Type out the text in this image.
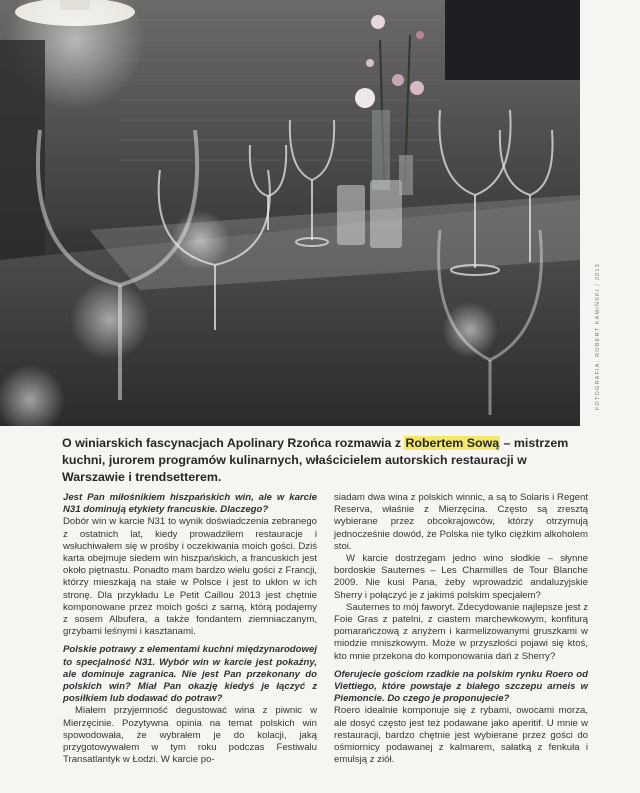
FOTOGRAFIA: ROBERT KAMIŃSKI / 2013
O winiarskich fascynacjach Apolinary Rzońca rozmawia z Robertem Sową – mistrzem kuchni, jurorem programów kulinarnych, właścicielem autorskich restauracji w Warszawie i trendsetterem.

Jest Pan miłośnikiem hiszpańskich win, ale w karcie N31 dominują etykiety francuskie. Dlaczego?

Dobór win w karcie N31 to wynik doświadczenia zebranego z ostatnich lat, kiedy prowadziłem restauracje i wsłuchiwałem się w prośby i oczekiwania moich gości. Dziś karta obejmuje siedem win hiszpańskich, a francuskich jest około piętnastu. Ponadto mam bardzo wielu gości z Francji, którzy mieszkają na stałe w Polsce i jest to ukłon w ich stronę. Dla przykładu Le Petit Caillou 2013 jest chętnie komponowane przez moich gości z sarną, którą podajemy z sosem Albufera, a także fondantem ziemniaczanym, grzybami leśnymi i kasztanami.

Polskie potrawy z elementami kuchni międzynarodowej to specjalność N31. Wybór win w karcie jest pokaźny, ale dominuje zagranica. Nie jest Pan przekonany do polskich win? Miał Pan okazję kiedyś je łączyć z posiłkiem lub dodawać do potraw?

Miałem przyjemność degustować wina z piwnic w Mierzęcinie. Pozytywna opinia na temat polskich win spowodowała, że wybrałem je do kolacji, jaką przygotowywałem w tym roku podczas Festiwalu Transatlantyk w Łodzi. W karcie po-

siadam dwa wina z polskich winnic, a są to Solaris i Regent Reserva, właśnie z Mierzęcina. Często są zresztą wybierane przez obcokrajowców, którzy otrzymują jednocześnie dowód, że Polska nie tylko ciężkim alkoholem stoi.

W karcie dostrzegam jedno wino słodkie – słynne bordoskie Sauternes – Les Charmilles de Tour Blanche 2009. Nie kusi Pana, żeby wprowadzić andaluzyjskie Sherry i połączyć je z jakimś polskim specjałem?

Sauternes to mój faworyt. Zdecydowanie najlepsze jest z Foie Gras z patelni, z ciastem marchewkowym, konfiturą pomarańczową z anyżem i karmelizowanymi gruszkami w miodzie mniszkowym. Może w przyszłości pojawi się ktoś, kto mnie przekona do komponowania dań z Sherry?

Oferujecie gościom rzadkie na polskim rynku Roero od Viettiego, które powstaje z białego szczepu arneis w Piemoncie. Do czego je proponujecie?

Roero idealnie komponuje się z rybami, owocami morza, ale dosyć często jest też podawane jako aperitif. U mnie w restauracji, bardzo chętnie jest wybierane przez gości do ośmiornicy podawanej z kalmarem, sałatką z fenkuła i emulsją z ziół.
